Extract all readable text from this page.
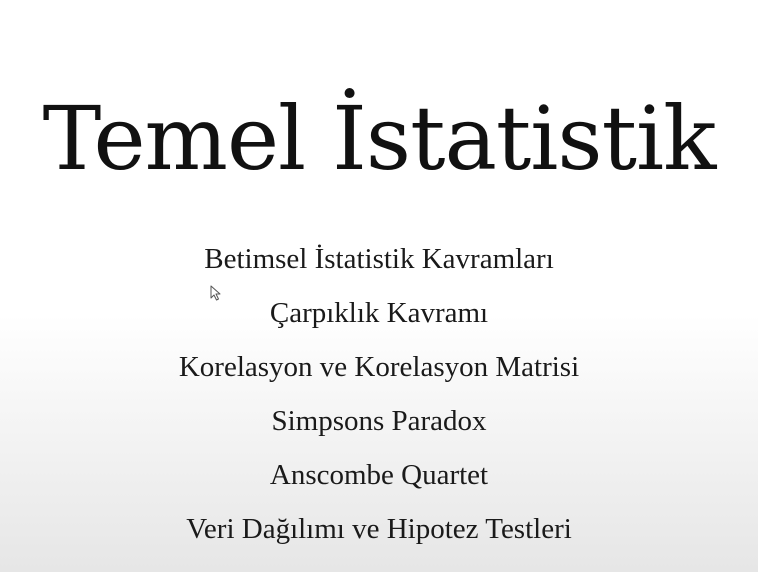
Temel İstatistik
Betimsel İstatistik Kavramları
Çarpıklık Kavramı
Korelasyon ve Korelasyon Matrisi
Simpsons Paradox
Anscombe Quartet
Veri Dağılımı ve Hipotez Testleri
